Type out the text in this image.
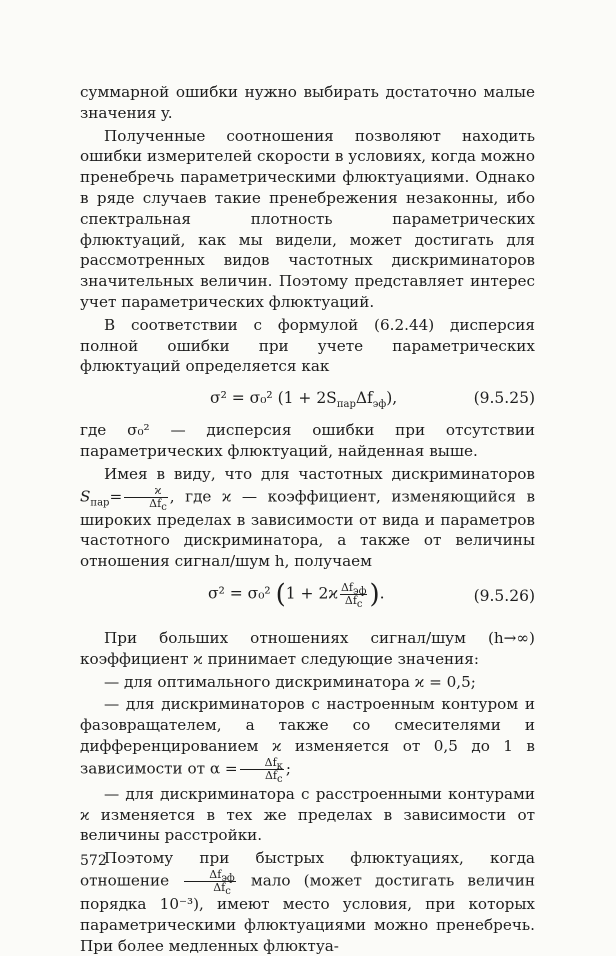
суммарной ошибки нужно выбирать достаточно малые значения y.

Полученные соотношения позволяют находить ошибки измерителей скорости в условиях, когда можно пренебречь параметрическими флюктуациями. Однако в ряде случаев такие пренебрежения незаконны, ибо спектральная плотность параметрических флюктуаций, как мы видели, может достигать для рассмотренных видов частотных дискриминаторов значительных величин. Поэтому представляет интерес учет параметрических флюктуаций.

В соответствии с формулой (6.2.44) дисперсия полной ошибки при учете параметрических флюктуаций определяется как

σ² = σ₀² $(1 + 2S_{пар}\Delta f_{эф})$,	(9.5.25)

где σ₀² — дисперсия ошибки при отсутствии параметрических флюктуаций, найденная выше.

Имея в виду, что для частотных дискриминаторов $S_{пар}= \frac{ϰ}{\Delta f_c}$ , где ϰ — коэффициент, изменяющийся в широких пределах в зависимости от вида и параметров частотного дискриминатора, а также от величины отношения сигнал/шум h, получаем

σ² = σ₀² ($1 + 2ϰ \frac{\Delta f_{эф}}{\Delta f_c}$ ).	(9.5.26)

При больших отношениях сигнал/шум (h→∞) коэффициент ϰ принимает следующие значения:

— для оптимального дискриминатора ϰ = 0,5;

— для дискриминаторов с настроенным контуром и фазовращателем, а также со смесителями и дифференцированием ϰ изменяется от 0,5 до 1 в зависимости от $\alpha = \frac{\Delta f_к}{\Delta f_c}$ ;

— для дискриминатора с расстроенными контурами ϰ изменяется в тех же пределах в зависимости от величины расстройки.

Поэтому при быстрых флюктуациях, когда отношение $\frac{\Delta f_{эф}}{\Delta f_c}$ мало (может достигать величин порядка 10⁻³), имеют место условия, при которых параметрическими флюктуациями можно пренебречь. При более медленных флюктуа-

572
